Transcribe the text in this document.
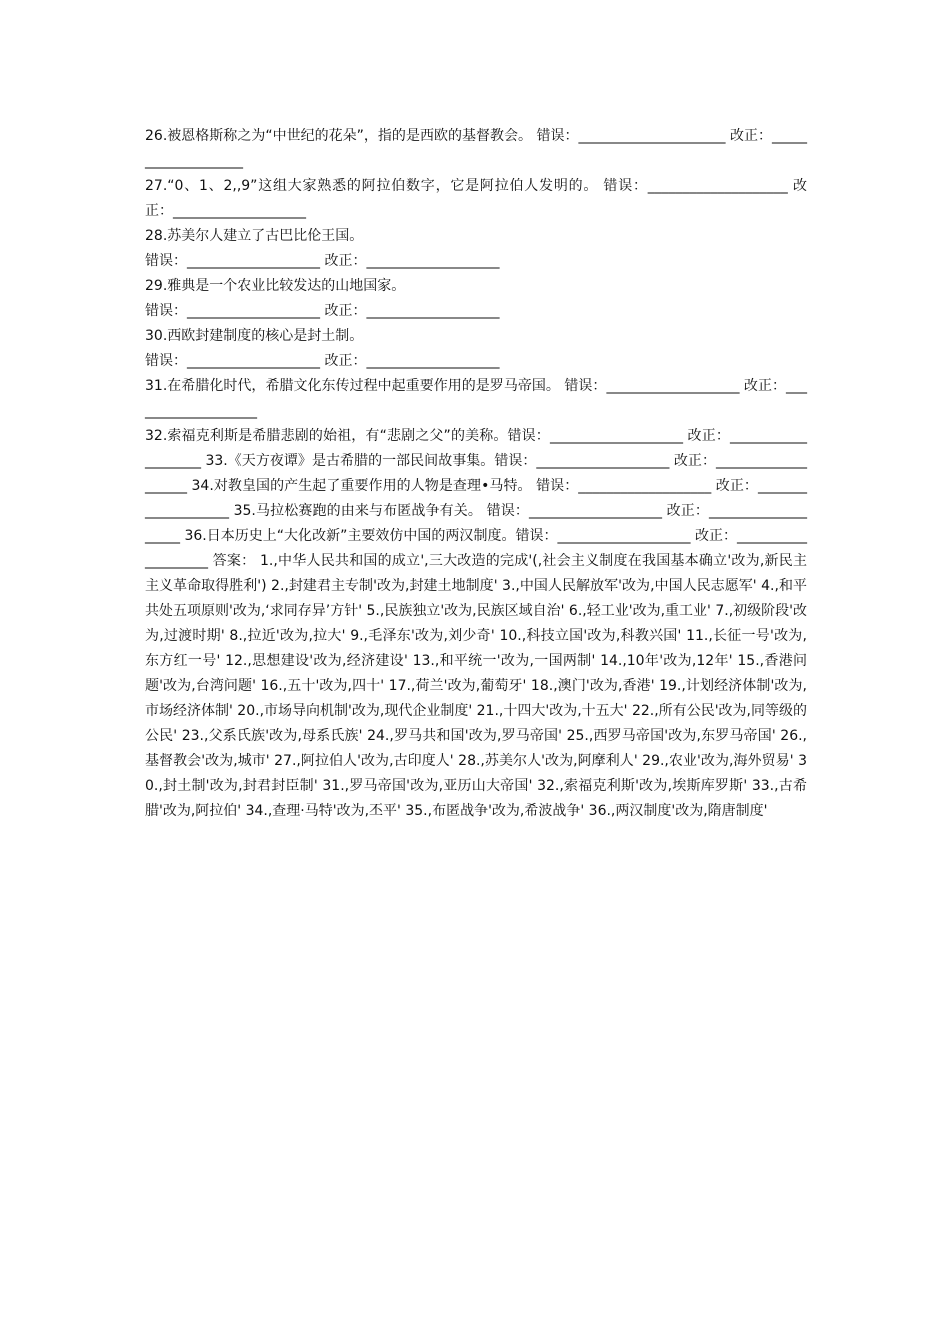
26.被恩格斯称之为“中世纪的花朵”，指的是西欧的基督教会。 错误：_____________________ 改正：___________________

27.“0、1、2,,9”这组大家熟悉的阿拉伯数字，它是阿拉伯人发明的。 错误：____________________ 改正：___________________

28.苏美尔人建立了古巴比伦王国。

错误：___________________ 改正：___________________

29.雅典是一个农业比较发达的山地国家。

错误：___________________ 改正：___________________

30.西欧封建制度的核心是封土制。

错误：___________________ 改正：___________________

31.在希腊化时代，希腊文化东传过程中起重要作用的是罗马帝国。 错误：___________________ 改正：___________________

32.索福克利斯是希腊悲剧的始祖，有“悲剧之父”的美称。错误：___________________ 改正：___________________ 33.《天方夜谭》是古希腊的一部民间故事集。错误：___________________ 改正：___________________ 34.对教皇国的产生起了重要作用的人物是查理•马特。 错误：___________________ 改正：___________________ 35.马拉松赛跑的由来与布匿战争有关。 错误：___________________ 改正：___________________ 36.日本历史上“大化改新”主要效仿中国的两汉制度。错误：___________________ 改正：___________________ 答案： 1.,中华人民共和国的成立',三大改造的完成'(,社会主义制度在我国基本确立'改为,新民主主义革命取得胜利') 2.,封建君主专制'改为,封建土地制度' 3.,中国人民解放军'改为,中国人民志愿军' 4.,和平共处五项原则'改为,‘求同存异’方针' 5.,民族独立'改为,民族区域自治' 6.,轻工业'改为,重工业' 7.,初级阶段'改为,过渡时期' 8.,拉近'改为,拉大' 9.,毛泽东'改为,刘少奇' 10.,科技立国'改为,科教兴国' 11.,长征一号'改为,东方红一号' 12.,思想建设'改为,经济建设' 13.,和平统一'改为,一国两制' 14.,10年'改为,12年' 15.,香港问题'改为,台湾问题' 16.,五十'改为,四十' 17.,荷兰'改为,葡萄牙' 18.,澳门'改为,香港' 19.,计划经济体制'改为,市场经济体制' 20.,市场导向机制'改为,现代企业制度' 21.,十四大'改为,十五大' 22.,所有公民'改为,同等级的公民' 23.,父系氏族'改为,母系氏族' 24.,罗马共和国'改为,罗马帝国' 25.,西罗马帝国'改为,东罗马帝国' 26.,基督教会'改为,城市' 27.,阿拉伯人'改为,古印度人' 28.,苏美尔人'改为,阿摩利人' 29.,农业'改为,海外贸易' 30.,封土制'改为,封君封臣制' 31.,罗马帝国'改为,亚历山大帝国' 32.,索福克利斯'改为,埃斯库罗斯' 33.,古希腊'改为,阿拉伯' 34.,查理·马特'改为,丕平' 35.,布匿战争'改为,希波战争' 36.,两汉制度'改为,隋唐制度'
